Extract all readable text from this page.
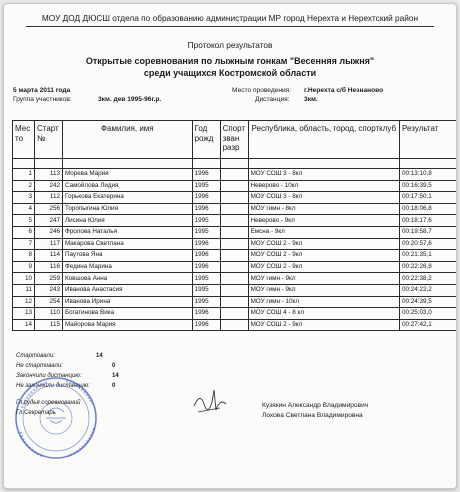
МОУ ДОД ДЮСШ отдела по образованию администрации МР город Нерехта и Нерехтский район
Протокол результатов
Открытые соревнования по лыжным гонкам "Весенняя лыжня"
среди учащихся Костромской области
5 марта 2011 года
Группа участников:	3км. дев 1995-96г.р.
Место проведения: г.Нерехта с/б Незнаново
Дистанция: 3км.
Мес то	Старт №	Фамилия, имя	Год рожд	Спорт зван разр	Республика, область, город, спортклуб	Результат

1	113	Морева Мария	1996		МОУ СОШ 3 - 8кл	00:13:10,8
2	242	Самойлова Лидия	1995		Неверово - 10кл	00:16:39,5
3	112	Горькова Екатерина	1996		МОУ СОШ 3 - 8кл	00:17:50,1
4	256	Торопыгина Юлия	1996		МОУ гимн - 8кл	00:18:06,8
5	247	Лисина Юлия	1995		Неверово - 9кл	00:18:17,6
6	246	Фролова Наталья	1995		Емсна - 9кл	00:19:58,7
7	117	Макарова Светлана	1996		МОУ СОШ 2 - 9кл	00:20:57,6
8	114	Паутова Яна	1996		МОУ СОШ 2 - 9кл	00:21:35,1
9	116	Федина Марина	1996		МОУ СОШ 2 - 9кл	00:22:26,8
10	259	Ковшова Анна	1995		МОУ гимн - 9кл	00:22:38,2
11	243	Иванова Анастасия	1995		МОУ гимн - 9кл	00:24:22,2
12	254	Иванова Ирина	1995		МОУ гимн - 10кл	00:24:39,5
13	110	Богатинова Вика	1996		МОУ СОШ 4 - 8 кл	00:25:03,0
14	115	Майорова Мария	1996		МОУ СОШ 2 - 9кл	00:27:42,1
Стартовали:	14
Не стартовали:	0
Закончили дистанцию:	14
Не закончили дистанцию:	0
Гл.судья соревнований
Гл.Секретарь
Кузякин Александр Владимирович
Лохова Светлана Владимировна
